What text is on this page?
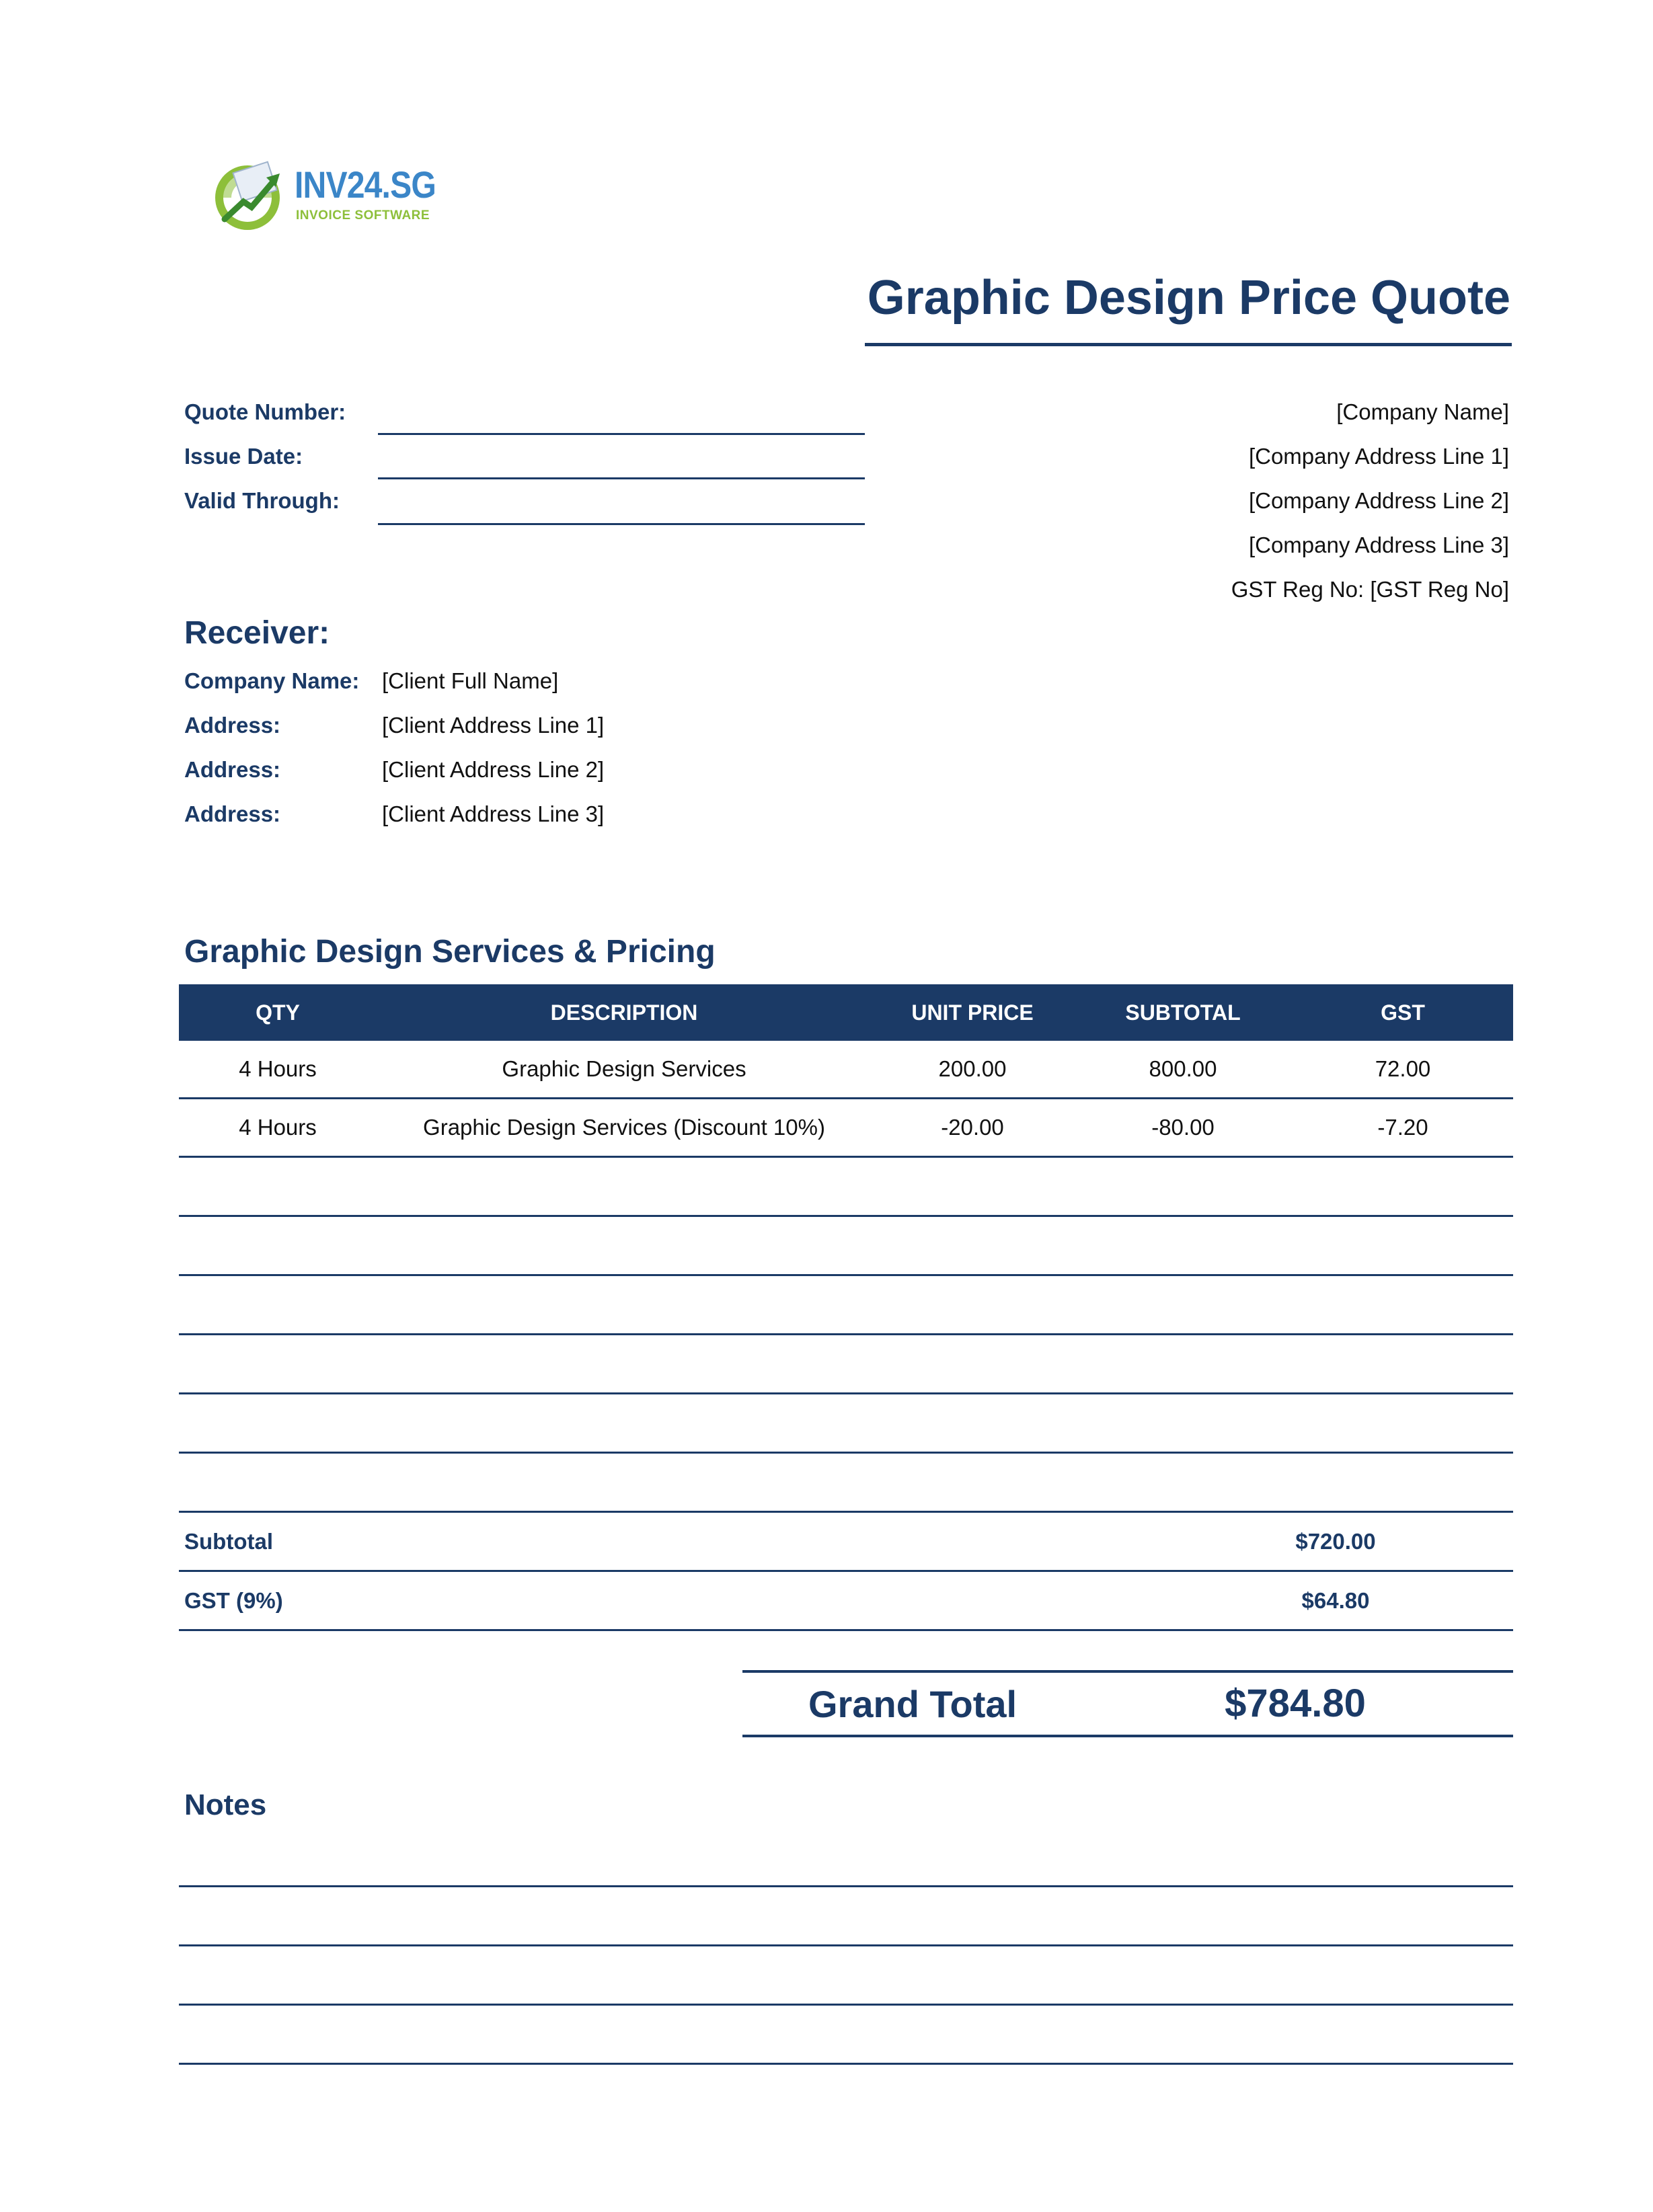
INV24.SG
INVOICE SOFTWARE
Graphic Design Price Quote
Quote Number:
Issue Date:
Valid Through:
[Company Name]
[Company Address Line 1]
[Company Address Line 2]
[Company Address Line 3]
GST Reg No: [GST Reg No]
Receiver:
Company Name: [Client Full Name]
Address:	[Client Address Line 1]
Address:	[Client Address Line 2]
Address:	[Client Address Line 3]
Graphic Design Services & Pricing
QTY	DESCRIPTION	UNIT PRICE	SUBTOTAL	GST
4 Hours	Graphic Design Services	200.00	800.00	72.00
4 Hours	Graphic Design Services (Discount 10%)	-20.00	-80.00	-7.20
Subtotal	$720.00
GST (9%)	$64.80
Grand Total	$784.80
Notes
